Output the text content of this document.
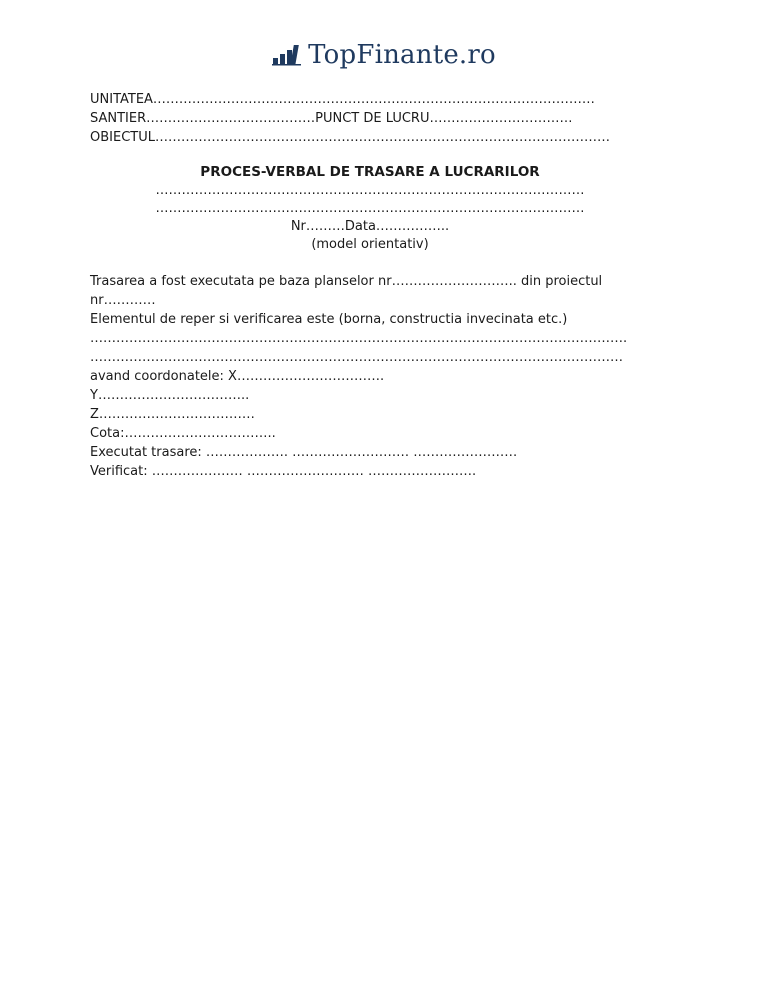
TopFinante.ro
UNITATEA…………………………………………………………………………………………
SANTIER…………………………………PUNCT DE LUCRU……………………………
OBIECTUL……………………………………………………………………………………………
PROCES-VERBAL DE TRASARE A LUCRARILOR
………………………………………………………………………………………
………………………………………………………………………………………
Nr………Data……………..
(model orientativ)
Trasarea a fost executata pe baza planselor nr……………………….. din proiectul nr…………
Elementul de reper si verificarea este (borna, constructia invecinata etc.)
…………………………………………………………………………………………………………….
……………………………………………………………………………………………………………
avand coordonatele: X…………………………….
Y……………………………..
Z………………………………
Cota:……………………………..
Executat trasare: ………………. ……………………… ……………………
Verificat: ………………… ……………………… …………………….
